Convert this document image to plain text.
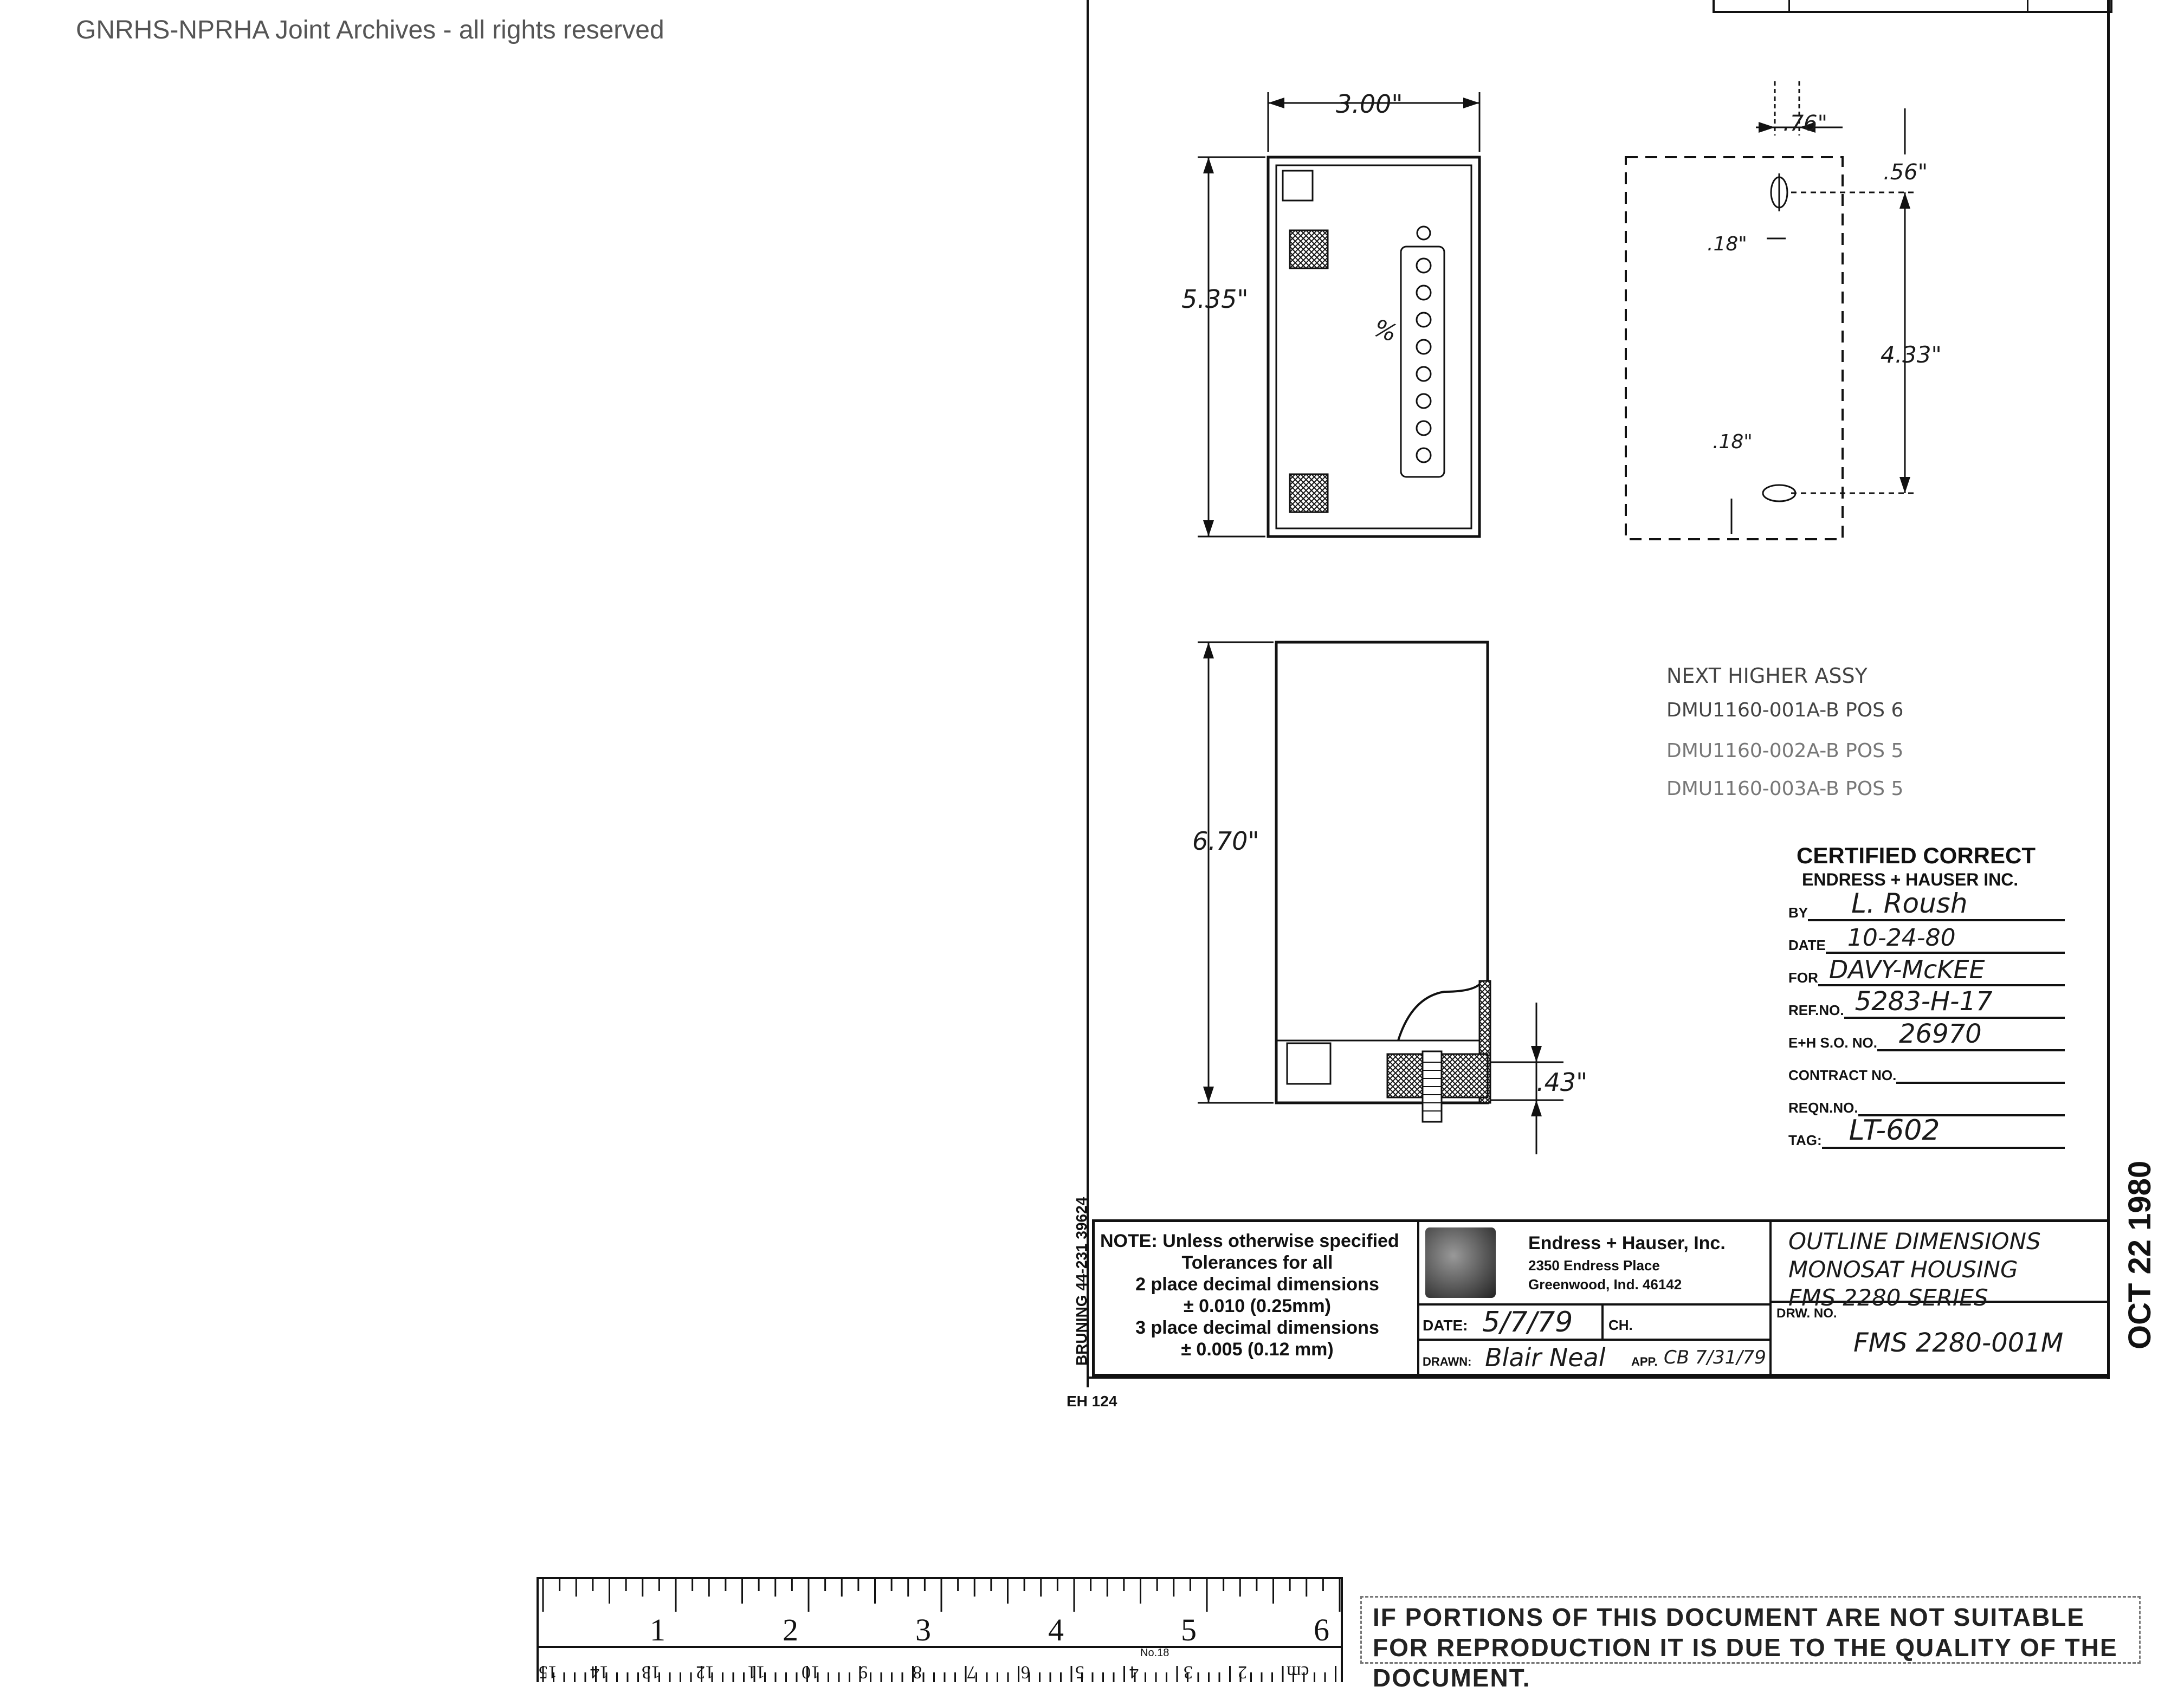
GNRHS-NPRHA Joint Archives - all rights reserved
3.00"
5.35"
%
.76"
.56"
.18"
.18"
4.33"
6.70"
.43"
NEXT HIGHER ASSY
DMU1160-001A-B POS 6
DMU1160-002A-B POS 5
DMU1160-003A-B POS 5
CERTIFIED CORRECT
ENDRESS + HAUSER INC.
BY	L. Roush
DATE 10-24-80
FOR DAVY-McKEE
REF.NO. 5283-H-17
E+H S.O. NO. 26970
CONTRACT NO.
REQN.NO.
TAG: LT-602
NOTE: Unless otherwise specified
Tolerances for all
2 place decimal dimensions
± 0.010 (0.25mm)
3 place decimal dimensions
± 0.005 (0.12 mm)
Endress + Hauser, Inc.
2350 Endress Place
Greenwood, Ind. 46142
DATE: 5/7/79	CH.
DRAWN: Blair Neal APP. CB 7/31/79
OUTLINE DIMENSIONS
MONOSAT HOUSING
FMS 2280 SERIES
DRW. NO.
FMS 2280-001M
BRUNING 44-231 39624
EH 124
OCT 22 1980
1	2	3	4	5	6
No.18
15 14 13 12 11 10 9 8 7 6 5 4 3 2 cm
IF PORTIONS OF THIS DOCUMENT ARE NOT SUITABLE FOR REPRODUCTION IT IS DUE TO THE QUALITY OF THE DOCUMENT.
